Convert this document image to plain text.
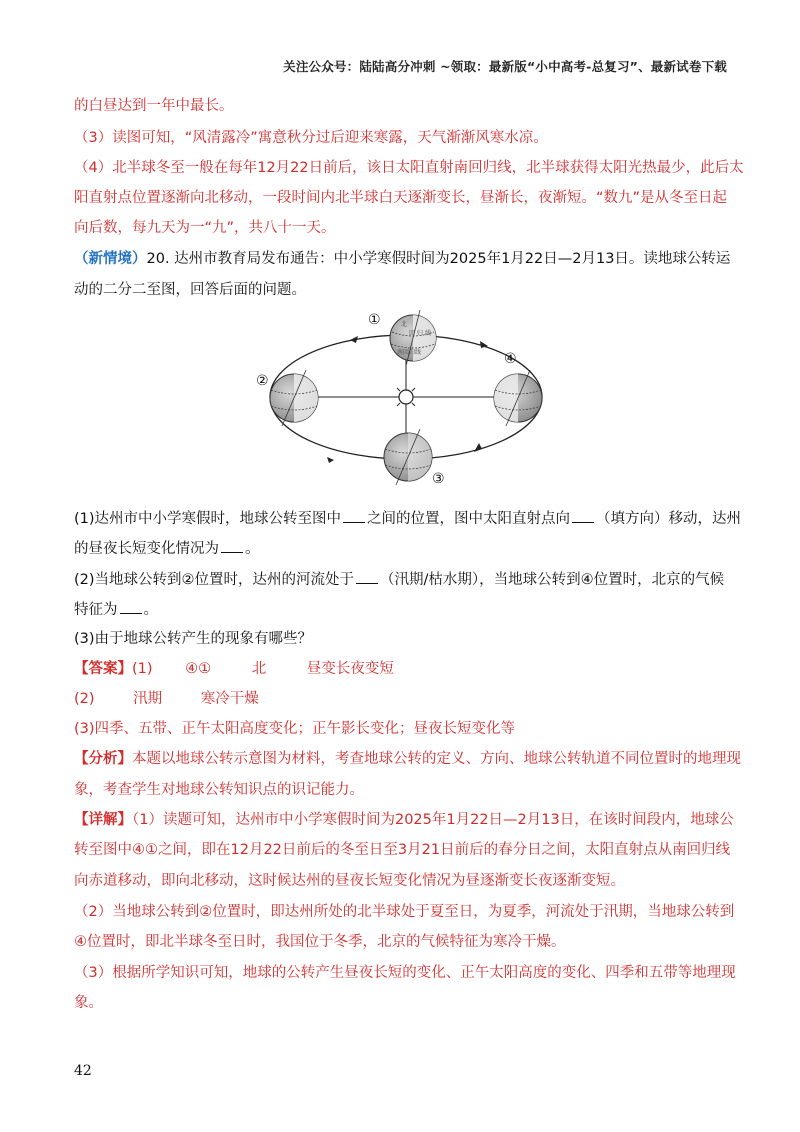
关注公众号：陆陆高分冲刺 ~领取：最新版“小中高考-总复习”、最新试卷下载
的白昼达到一年中最长。
（3）读图可知，“风清露冷”寓意秋分过后迎来寒露，天气渐渐风寒水凉。
（4）北半球冬至一般在每年12月22日前后，该日太阳直射南回归线，北半球获得太阳光热最少，此后太
阳直射点位置逐渐向北移动，一段时间内北半球白天逐渐变长，昼渐长，夜渐短。“数九”是从冬至日起
向后数，每九天为一“九”，共八十一天。
（新情境）20. 达州市教育局发布通告：中小学寒假时间为2025年1月22日—2月13日。读地球公转运
动的二分二至图，回答后面的问题。
北
回 归 线
南回归线
①
②
③
④
(1)达州市中小学寒假时，地球公转至图中 之间的位置，图中太阳直射点向 （填方向）移动，达州
的昼夜长短变化情况为 。
(2)当地球公转到②位置时，达州的河流处于 （汛期/枯水期），当地球公转到④位置时，北京的气候
特征为 。
(3)由于地球公转产生的现象有哪些？
【答案】(1) ④①	北	昼变长夜变短
(2)	汛期	寒冷干燥
(3)四季、五带、正午太阳高度变化；正午影长变化；昼夜长短变化等
【分析】本题以地球公转示意图为材料，考查地球公转的定义、方向、地球公转轨道不同位置时的地理现
象，考查学生对地球公转知识点的识记能力。
【详解】（1）读题可知，达州市中小学寒假时间为2025年1月22日—2月13日，在该时间段内，地球公
转至图中④①之间，即在12月22日前后的冬至日至3月21日前后的春分日之间，太阳直射点从南回归线
向赤道移动，即向北移动，这时候达州的昼夜长短变化情况为昼逐渐变长夜逐渐变短。
（2）当地球公转到②位置时，即达州所处的北半球处于夏至日，为夏季，河流处于汛期，当地球公转到
④位置时，即北半球冬至日时，我国位于冬季，北京的气候特征为寒冷干燥。
（3）根据所学知识可知，地球的公转产生昼夜长短的变化、正午太阳高度的变化、四季和五带等地理现
象。
42
